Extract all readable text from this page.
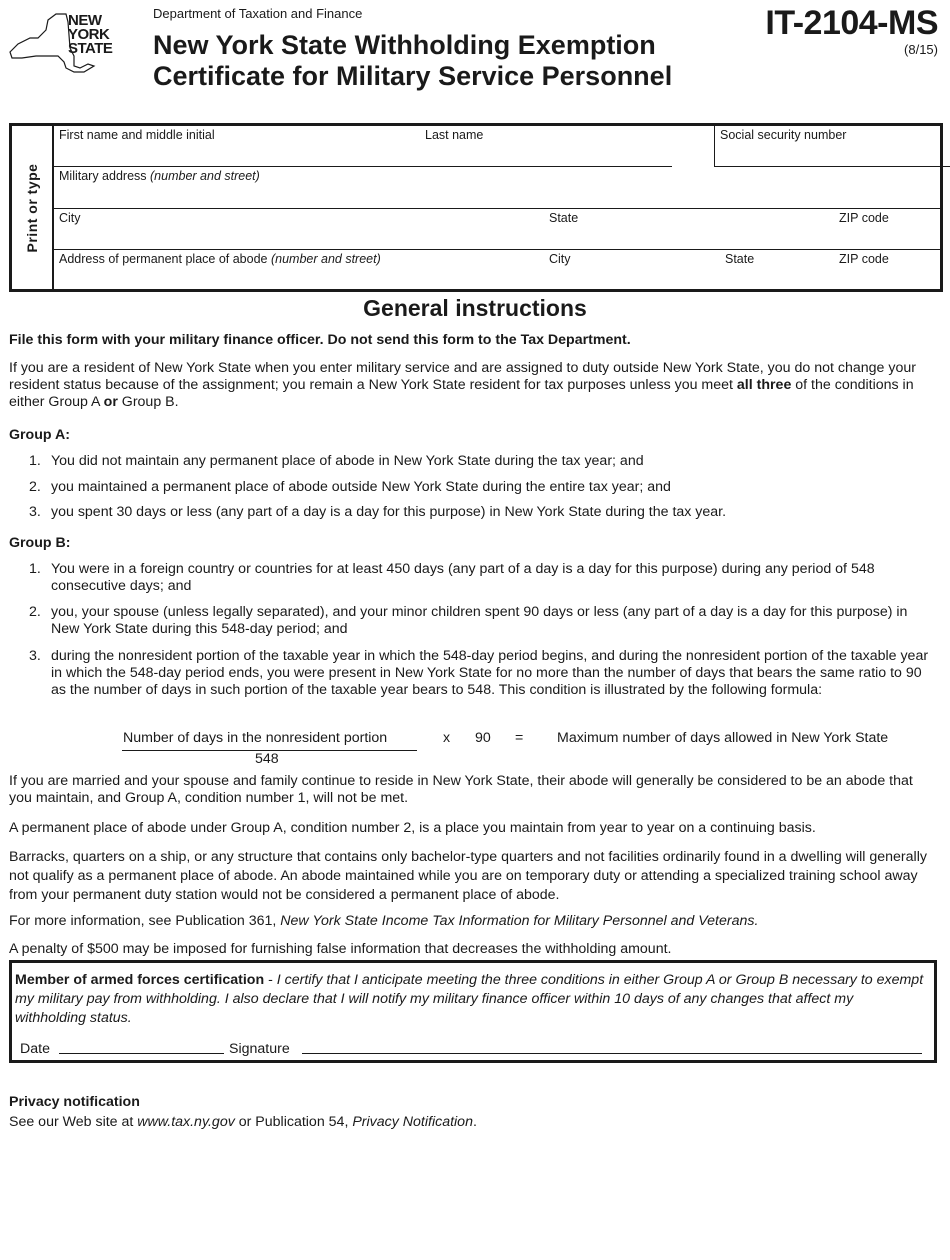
NEW
YORK
STATE
Department of Taxation and Finance
New York State Withholding Exemption
Certificate for Military Service Personnel
IT-2104-MS
(8/15)
Print or type
First name and middle initial	Last name	Social security number
Military address (number and street)
City	State	ZIP code
Address of permanent place of abode (number and street)	City	State	ZIP code
General instructions
File this form with your military finance officer. Do not send this form to the Tax Department.
If you are a resident of New York State when you enter military service and are assigned to duty outside New York State, you do not change your resident status because of the assignment; you remain a New York State resident for tax purposes unless you meet all three of the conditions in either Group A or Group B.
Group A:
1. You did not maintain any permanent place of abode in New York State during the tax year; and
2. you maintained a permanent place of abode outside New York State during the entire tax year; and
3. you spent 30 days or less (any part of a day is a day for this purpose) in New York State during the tax year.
Group B:
1. You were in a foreign country or countries for at least 450 days (any part of a day is a day for this purpose) during any period of 548 consecutive days; and
2. you, your spouse (unless legally separated), and your minor children spent 90 days or less (any part of a day is a day for this purpose) in New York State during this 548-day period; and
3. during the nonresident portion of the taxable year in which the 548-day period begins, and during the nonresident portion of the taxable year in which the 548-day period ends, you were present in New York State for no more than the number of days that bears the same ratio to 90 as the number of days in such portion of the taxable year bears to 548. This condition is illustrated by the following formula:
Number of days in the nonresident portion
548
x 90 = Maximum number of days allowed in New York State
If you are married and your spouse and family continue to reside in New York State, their abode will generally be considered to be an abode that you maintain, and Group A, condition number 1, will not be met.
A permanent place of abode under Group A, condition number 2, is a place you maintain from year to year on a continuing basis.
Barracks, quarters on a ship, or any structure that contains only bachelor-type quarters and not facilities ordinarily found in a dwelling will generally not qualify as a permanent place of abode. An abode maintained while you are on temporary duty or attending a specialized training school away from your permanent duty station would not be considered a permanent place of abode.
For more information, see Publication 361, New York State Income Tax Information for Military Personnel and Veterans.
A penalty of $500 may be imposed for furnishing false information that decreases the withholding amount.
Member of armed forces certification - I certify that I anticipate meeting the three conditions in either Group A or Group B necessary to exempt my military pay from withholding. I also declare that I will notify my military finance officer within 10 days of any changes that affect my withholding status.
Date	Signature
Privacy notification
See our Web site at www.tax.ny.gov or Publication 54, Privacy Notification.
